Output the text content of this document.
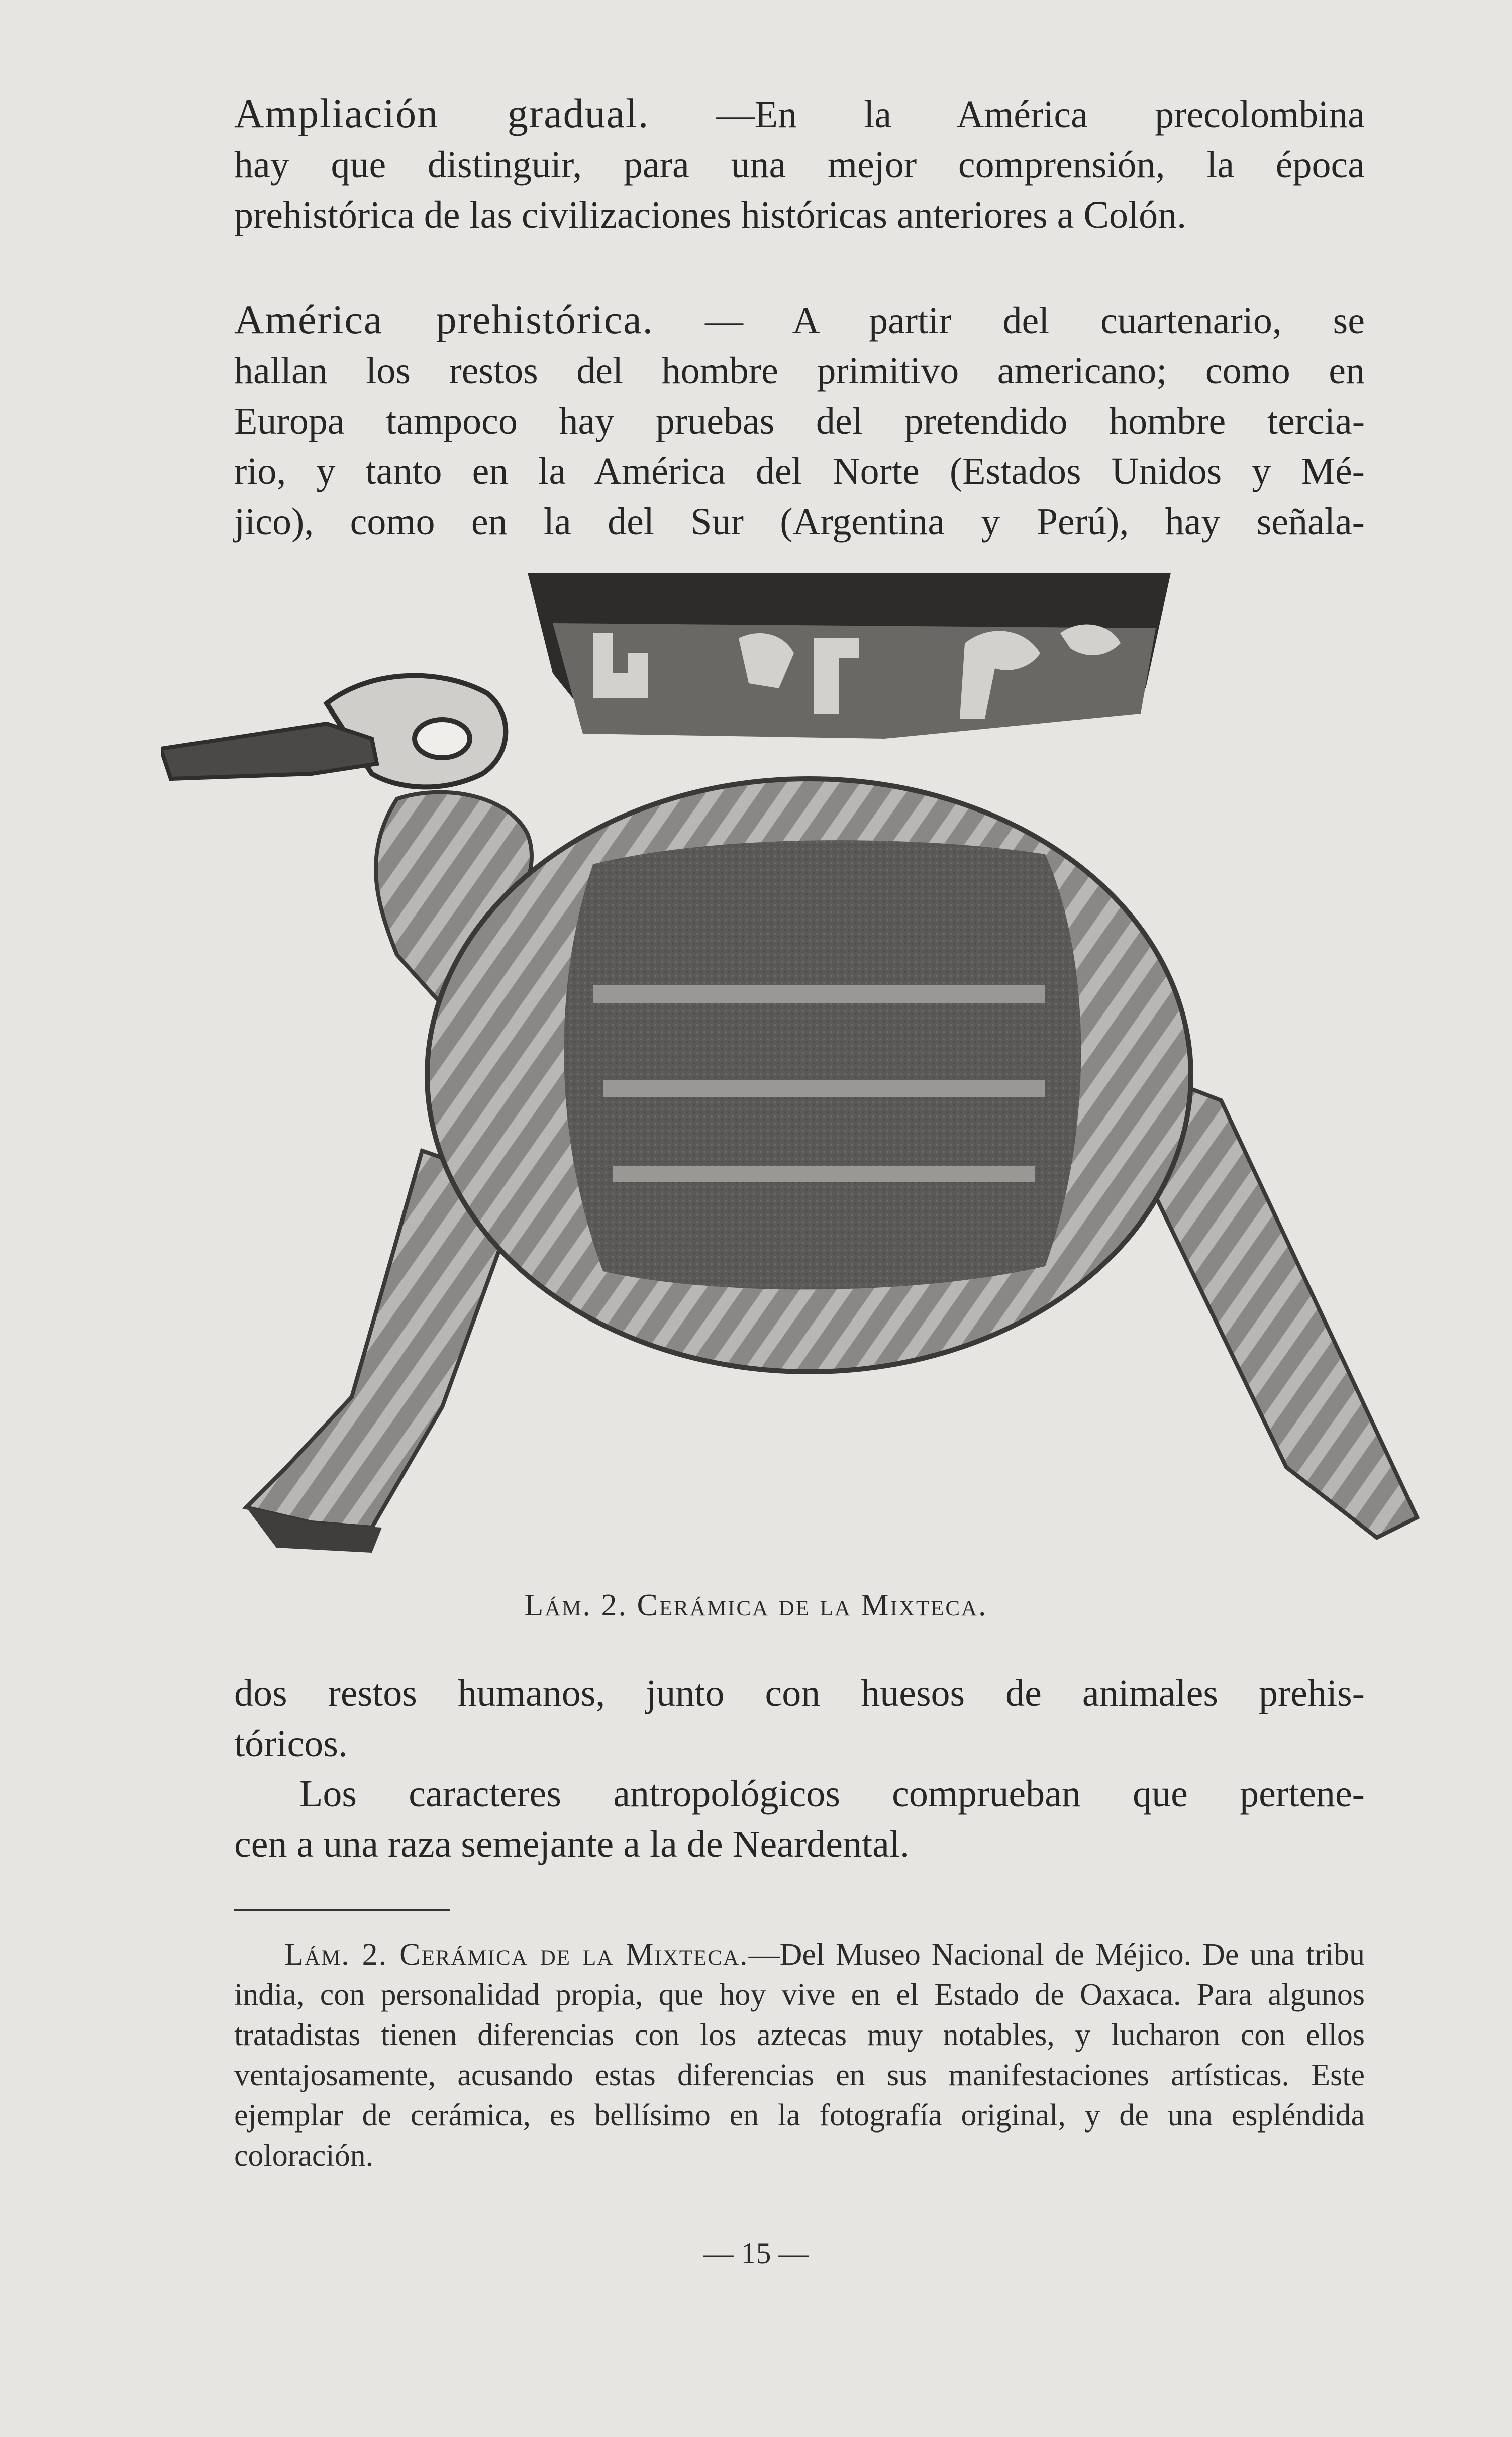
Ampliación gradual. —En la América precolombina
hay que distinguir, para una mejor comprensión, la época
prehistórica de las civilizaciones históricas anteriores a Colón.

América prehistórica. — A partir del cuartenario, se
hallan los restos del hombre primitivo americano; como en
Europa tampoco hay pruebas del pretendido hombre tercia-
rio, y tanto en la América del Norte (Estados Unidos y Mé-
jico), como en la del Sur (Argentina y Perú), hay señala-

Lám. 2. Cerámica de la Mixteca.

dos restos humanos, junto con huesos de animales prehis-
tóricos.

Los caracteres antropológicos comprueban que pertene-
cen a una raza semejante a la de Neardental.

Lám. 2. Cerámica de la Mixteca.—Del Museo Nacional de Méjico. De una tribu india, con personalidad propia, que hoy vive en el Estado de Oaxaca. Para algunos tratadistas tienen diferencias con los aztecas muy notables, y lucharon con ellos ventajosamente, acusando estas diferencias en sus manifestaciones artísticas. Este ejemplar de cerámica, es bellísimo en la fotografía original, y de una espléndida coloración.

— 15 —
